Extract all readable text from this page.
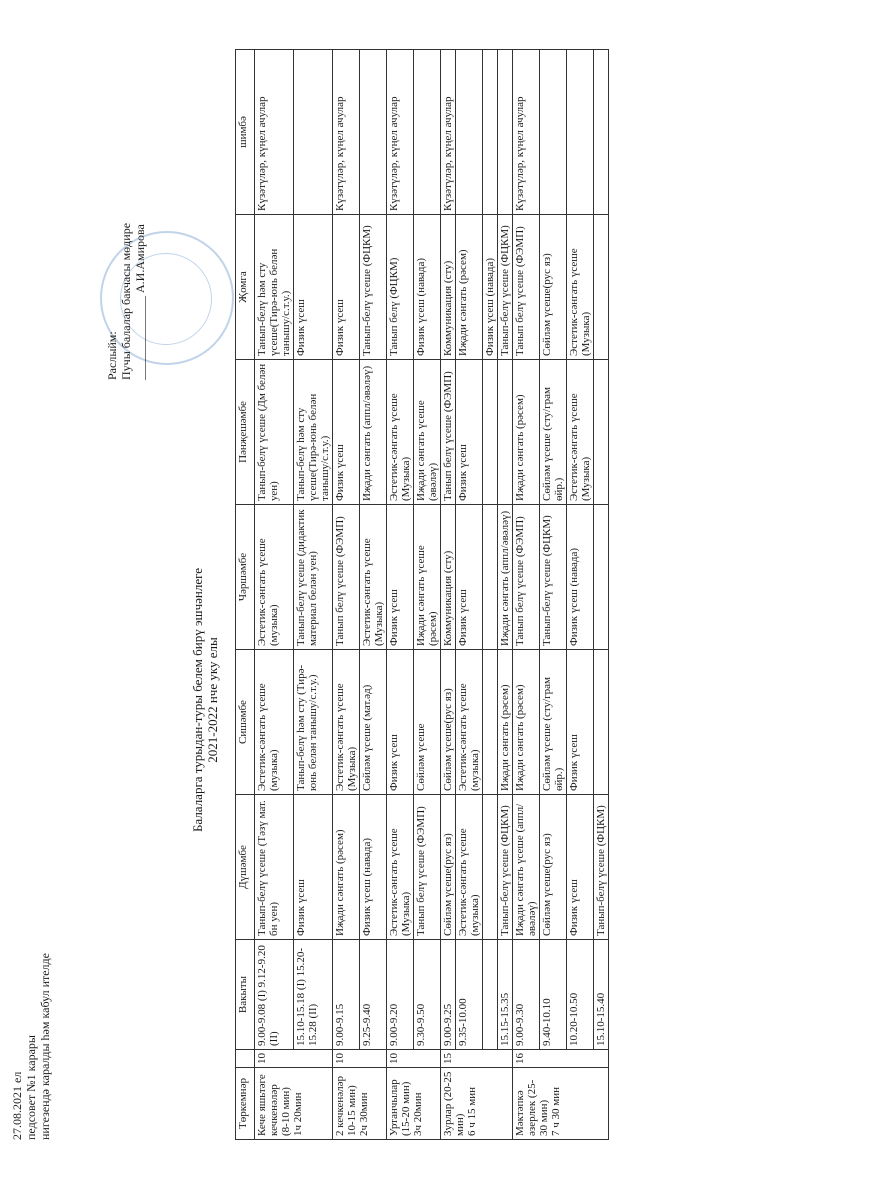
27.08.2021 ел педсовет №1 карары нигезендә каралды һәм кабул ителде
Раслыйм: Пучы балалар бакчасы мөдире ______________ А.И.Амирова
Балаларга турыдан-туры белем бирү эшчәнлеге 2021-2022 нче уку елы
Төркемнәр		Вакыты	Дүшәмбе	Сишәмбе	Чәршәмбе	Пәнҗешәмбе	Җомга	шимбә

Кече яшьтәге кечкенәләр (8-10 мин) 1ч 20мин	10	9.00-9.08 (I) 9.12-9.20 (II)	Танып-белү үсеше (Тәзү мат. бн уен)	Эстетик-сәнгать үсеше (музыка)	Эстетик-сәнгать үсеше (музыка)	Танып-белү үсеше (Дм белән уен)	Танып-белү һәм сту үсеше(Тирә-юнь белән танышу/с.т.у.)	Күзәтүләр, күңел ачулар
		15.10-15.18 (I) 15.20-15.28 (II)	Физик үсеш	Танып-белү һәм сту (Тирә-юнь белән танышу/с.т.у.)	Танып-белү үсеше (дидактик материал белән уен)	Танып-белү һәм сту үсеше(Тирә-юнь белән танышу/с.т.у.)	Физик үсеш	

2 кечкенәләр 10-15 мин) 2ч 30мин	10	9.00-9.15	Иҗади сәнгать (рәсем)	Эстетик-сәнгать үсеше (Музыка)	Танып белү үсеше (ФЭМП)	Физик үсеш	Физик үсеш	Күзәтүләр, күңел ачулар
		9.25-9.40	Физик үсеш (навада)	Сөйләм үсеше (мат.әд)	Эстетик-сәнгать үсеше (Музыка)	Иҗади сәнгать (аппл/әвәләү)	Танып-белү үсеше (ФЦКМ)	

Уртанчылар (15-20 мин) 3ч 20мин	10	9.00-9.20	Эстетик-сәнгать үсеше (Музыка)	Физик үсеш	Физик үсеш	Эстетик-сәнгать үсеше (Музыка)	Танып белү (ФЦКМ)	Күзәтүләр, күңел ачулар
		9.30-9.50	Танып белү үсеше (ФЭМП)	Сөйләм үсеше	Иҗади сәнгать үсеше (рәсем)	Иҗади сәнгать үсеше (әвәләү)	Физик үсеш (навада)	

Зурлар (20-25 мин) 6 ч 15 мин	15	9.00-9.25	Сөйләм үсеше(рус яз)	Сөйләм үсеше(рус яз)	Коммуникация (сту)	Танып белү үсеше (ФЭМП)	Коммуникация (сту)	Күзәтүләр, күңел ачулар
		9.35-10.00	Эстетик-сәнгать үсеше (музыка)	Эстетик-сәнгать үсеше (музыка)	Физик үсеш	Физик үсеш	Иҗади сәнгать (рәсем)	
							Физик үсеш (навада)	
		15.15-15.35	Танып-белү үсеше (ФЦКМ)	Иҗади сәнгать (рәсем)	Иҗади сәнгать (аппл/әвәләү)		Танып-белү үсеше (ФЦКМ)	

Мәктәпкә әзерлек (25-30 мин) 7 ч 30 мин	16	9.00-9.30	Иҗади сәнгать үсеше (аппл/әвәләү)	Иҗади сәнгать (рәсем)	Танып белү үсеше (ФЭМП)	Иҗади сәнгать (рәсем)	Танып белү үсеше (ФЭМП)	Күзәтүләр, күңел ачулар
		9.40-10.10	Сөйләм үсеше(рус яз)	Сөйләм үсеше (сту/грам өйр.)	Танып-белү үсеше (ФЦКМ)	Сөйләм үсеше (сту/грам өйр.)	Сөйләм үсеше(рус яз)	
		10.20-10.50	Физик үсеш	Физик үсеш	Физик үсеш (навада)	Эстетик-сәнгать үсеше (Музыка)	Эстетик-сәнгать үсеше (Музыка)	
		15.10-15.40	Танып-белү үсеше (ФЦКМ)					
